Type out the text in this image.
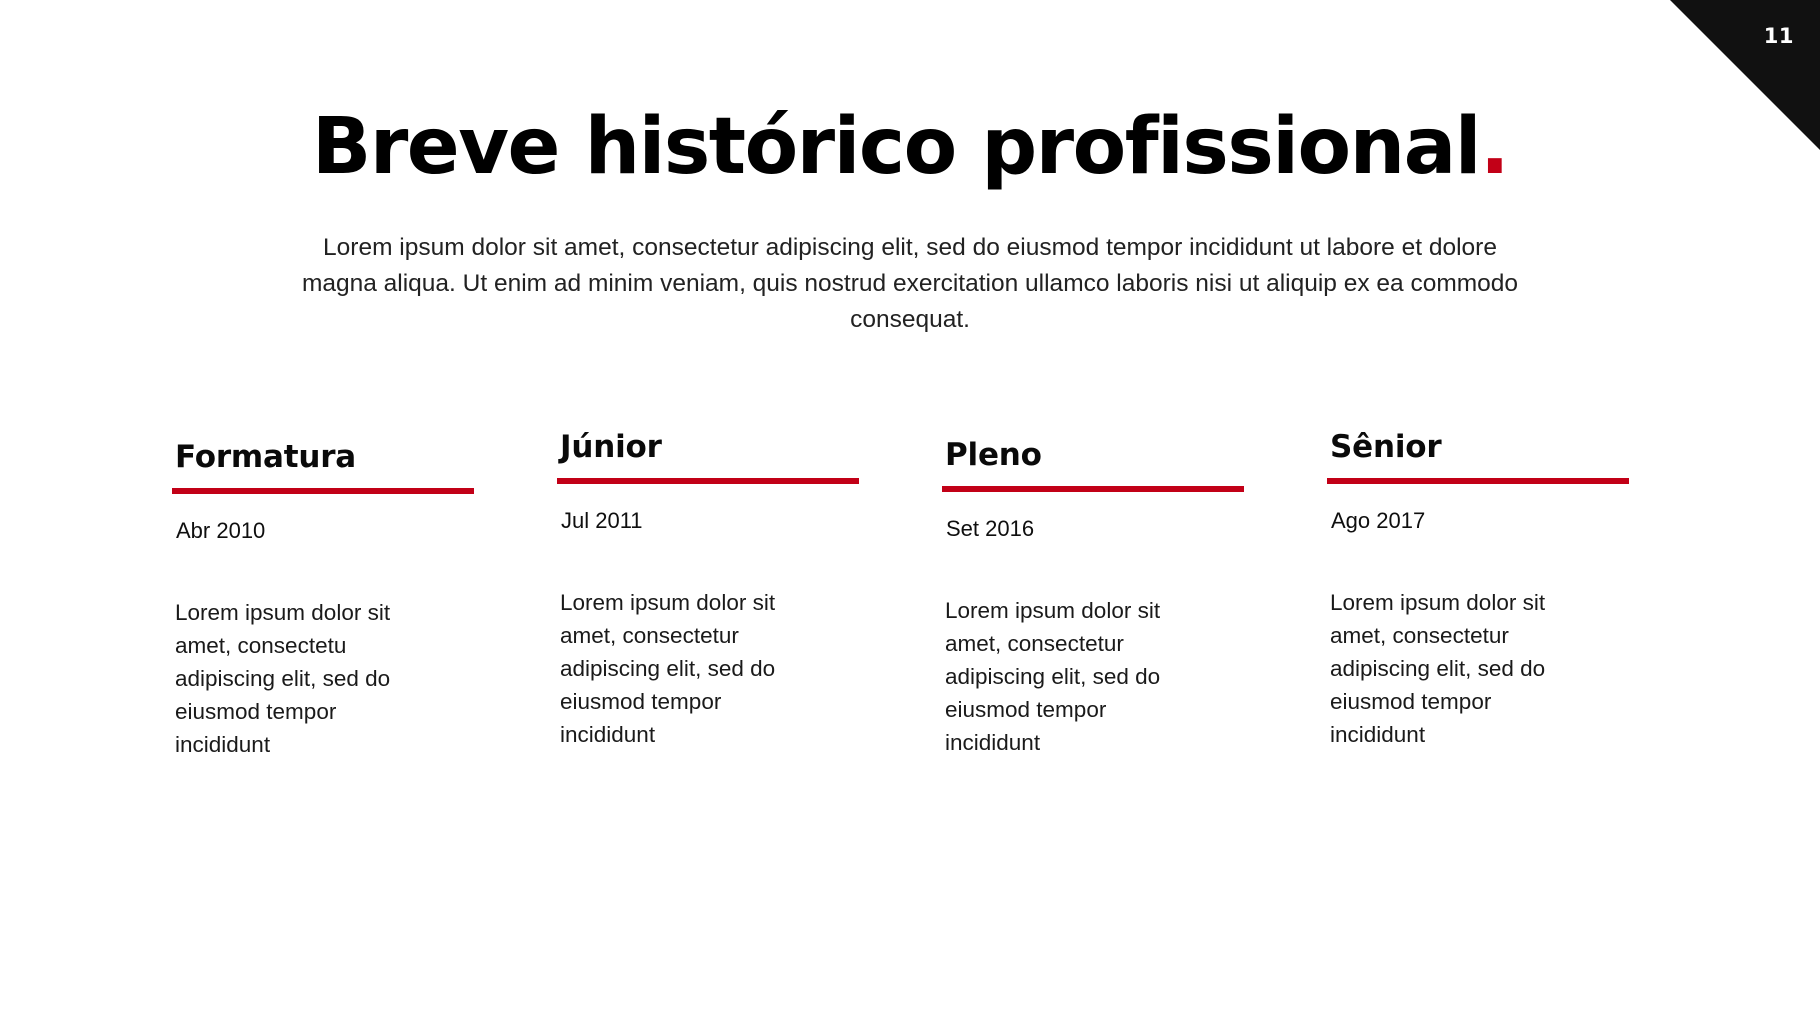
11
Breve histórico profissional.

Lorem ipsum dolor sit amet, consectetur adipiscing elit, sed do eiusmod tempor incididunt ut labore et dolore magna aliqua. Ut enim ad minim veniam, quis nostrud exercitation ullamco laboris nisi ut aliquip ex ea commodo consequat.

Formatura
Abr 2010
Lorem ipsum dolor sit amet, consectetu adipiscing elit, sed do eiusmod tempor incididunt
Júnior
Jul 2011
Lorem ipsum dolor sit amet, consectetur adipiscing elit, sed do eiusmod tempor incididunt
Pleno
Set 2016
Lorem ipsum dolor sit amet, consectetur adipiscing elit, sed do eiusmod tempor incididunt
Sênior
Ago 2017
Lorem ipsum dolor sit amet, consectetur adipiscing elit, sed do eiusmod tempor incididunt
